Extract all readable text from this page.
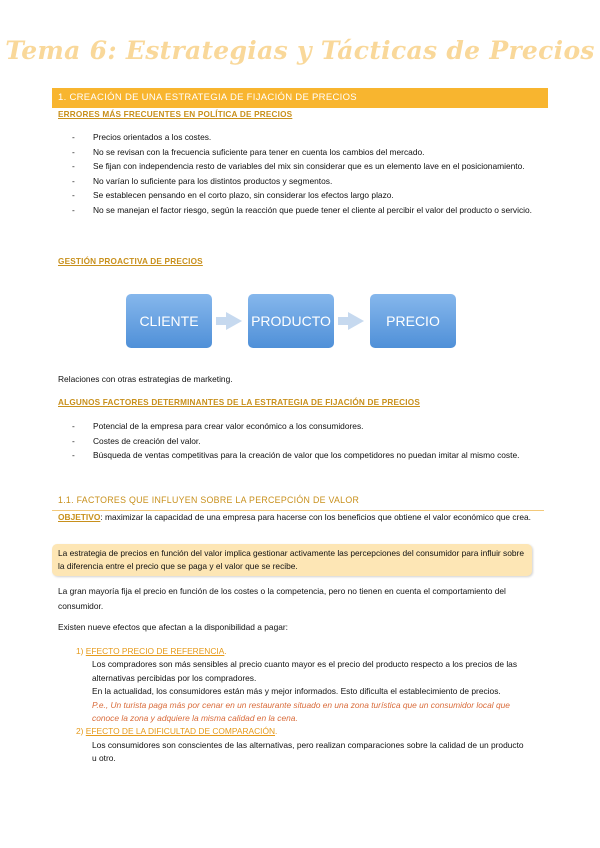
Tema 6: Estrategias y Tácticas de Precios
1. CREACIÓN DE UNA ESTRATEGIA DE FIJACIÓN DE PRECIOS
ERRORES MÁS FRECUENTES EN POLÍTICA DE PRECIOS
- Precios orientados a los costes.
- No se revisan con la frecuencia suficiente para tener en cuenta los cambios del mercado.
- Se fijan con independencia resto de variables del mix sin considerar que es un elemento lave en el posicionamiento.
- No varían lo suficiente para los distintos productos y segmentos.
- Se establecen pensando en el corto plazo, sin considerar los efectos largo plazo.
- No se manejan el factor riesgo, según la reacción que puede tener el cliente al percibir el valor del producto o servicio.
GESTIÓN PROACTIVA DE PRECIOS
CLIENTE	PRODUCTO	PRECIO
Relaciones con otras estrategias de marketing.
ALGUNOS FACTORES DETERMINANTES DE LA ESTRATEGIA DE FIJACIÓN DE PRECIOS
- Potencial de la empresa para crear valor económico a los consumidores.
- Costes de creación del valor.
- Búsqueda de ventas competitivas para la creación de valor que los competidores no puedan imitar al mismo coste.
1.1. FACTORES QUE INFLUYEN SOBRE LA PERCEPCIÓN DE VALOR
OBJETIVO: maximizar la capacidad de una empresa para hacerse con los beneficios que obtiene el valor económico que crea.
La estrategia de precios en función del valor implica gestionar activamente las percepciones del consumidor para influir sobre la diferencia entre el precio que se paga y el valor que se recibe.
La gran mayoría fija el precio en función de los costes o la competencia, pero no tienen en cuenta el comportamiento del consumidor.
Existen nueve efectos que afectan a la disponibilidad a pagar:
1) EFECTO PRECIO DE REFERENCIA.
Los compradores son más sensibles al precio cuanto mayor es el precio del producto respecto a los precios de las alternativas percibidas por los compradores.
En la actualidad, los consumidores están más y mejor informados. Esto dificulta el establecimiento de precios.
P.e., Un turista paga más por cenar en un restaurante situado en una zona turística que un consumidor local que conoce la zona y adquiere la misma calidad en la cena.
2) EFECTO DE LA DIFICULTAD DE COMPARACIÓN.
Los consumidores son conscientes de las alternativas, pero realizan comparaciones sobre la calidad de un producto u otro.
